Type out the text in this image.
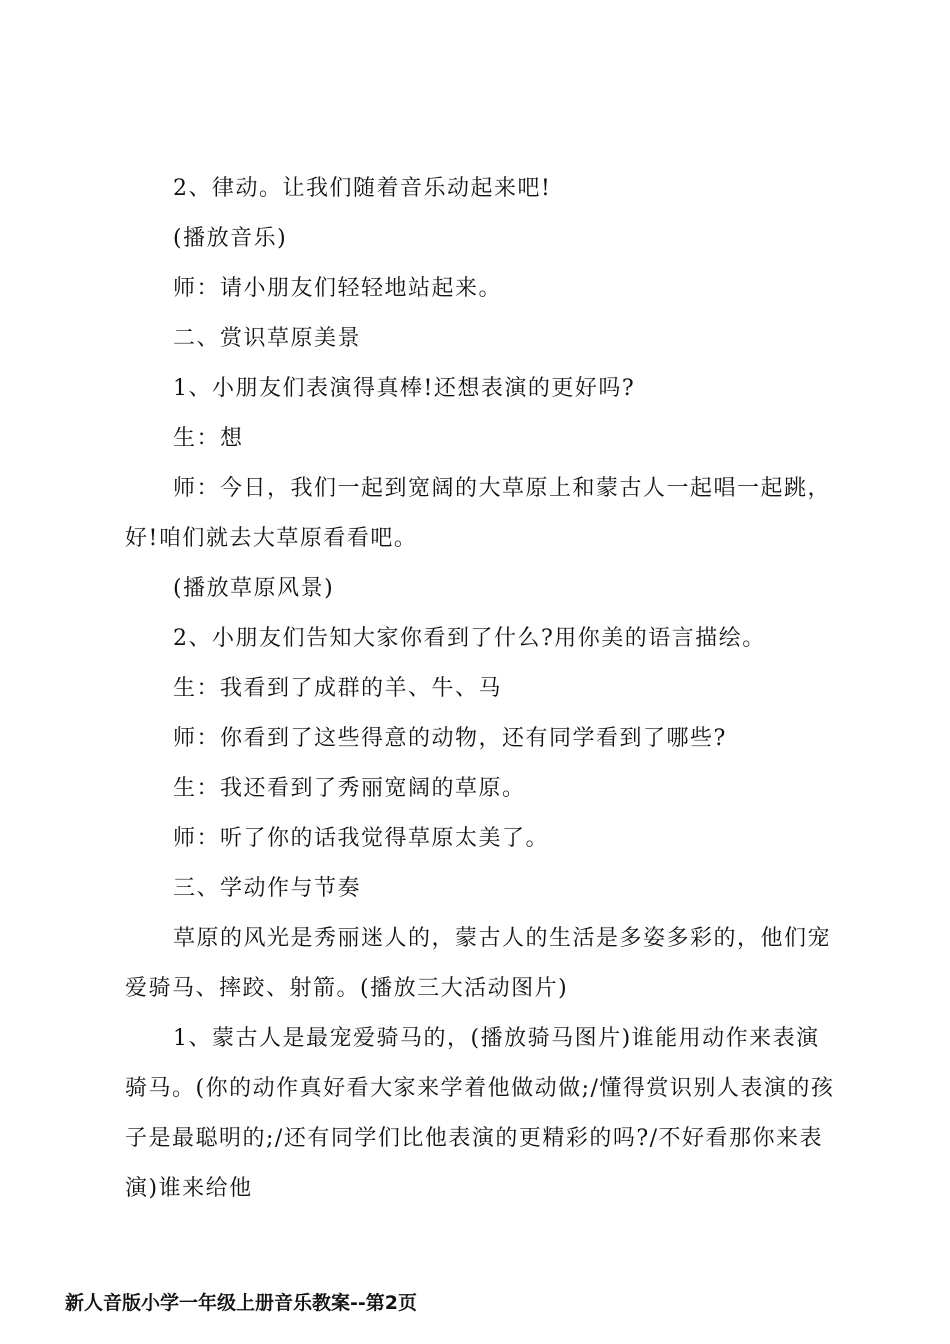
2、律动。让我们随着音乐动起来吧!

(播放音乐)

师：请小朋友们轻轻地站起来。

二、赏识草原美景

1、小朋友们表演得真棒!还想表演的更好吗?

生：想

师：今日，我们一起到宽阔的大草原上和蒙古人一起唱一起跳，好!咱们就去大草原看看吧。

(播放草原风景)

2、小朋友们告知大家你看到了什么?用你美的语言描绘。

生：我看到了成群的羊、牛、马

师：你看到了这些得意的动物，还有同学看到了哪些?

生：我还看到了秀丽宽阔的草原。

师：听了你的话我觉得草原太美了。

三、学动作与节奏

草原的风光是秀丽迷人的，蒙古人的生活是多姿多彩的，他们宠爱骑马、摔跤、射箭。(播放三大活动图片)

1、蒙古人是最宠爱骑马的，(播放骑马图片)谁能用动作来表演骑马。(你的动作真好看大家来学着他做动做;/懂得赏识别人表演的孩子是最聪明的;/还有同学们比他表演的更精彩的吗?/不好看那你来表演)谁来给他

新人音版小学一年级上册音乐教案--第2页
